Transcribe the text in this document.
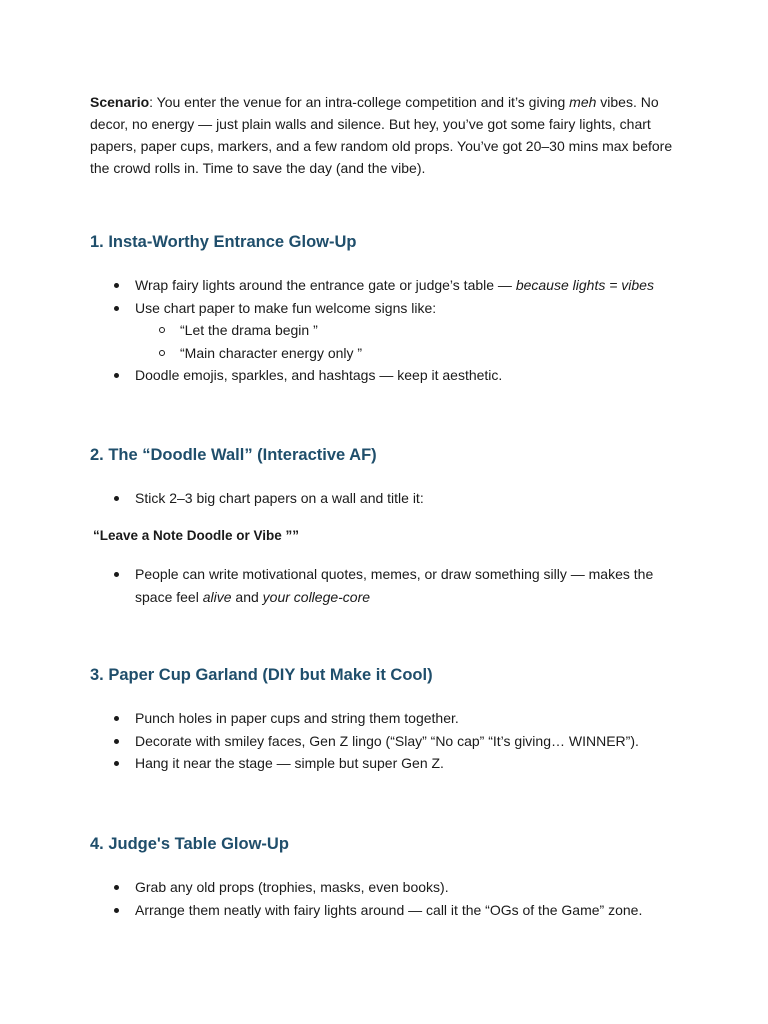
Scenario: You enter the venue for an intra-college competition and it’s giving meh vibes. No decor, no energy — just plain walls and silence. But hey, you’ve got some fairy lights, chart papers, paper cups, markers, and a few random old props. You’ve got 20–30 mins max before the crowd rolls in. Time to save the day (and the vibe).

1. Insta-Worthy Entrance Glow-Up
Wrap fairy lights around the entrance gate or judge’s table — because lights = vibes
Use chart paper to make fun welcome signs like:
“Let the drama begin ”
“Main character energy only ”
Doodle emojis, sparkles, and hashtags — keep it aesthetic.
2. The “Doodle Wall” (Interactive AF)
Stick 2–3 big chart papers on a wall and title it:

“Leave a Note Doodle or Vibe ””

People can write motivational quotes, memes, or draw something silly — makes the space feel alive and your college-core
3. Paper Cup Garland (DIY but Make it Cool)
Punch holes in paper cups and string them together.
Decorate with smiley faces, Gen Z lingo (“Slay” “No cap” “It’s giving… WINNER”).
Hang it near the stage — simple but super Gen Z.
4. Judge's Table Glow-Up
Grab any old props (trophies, masks, even books).
Arrange them neatly with fairy lights around — call it the “OGs of the Game” zone.
